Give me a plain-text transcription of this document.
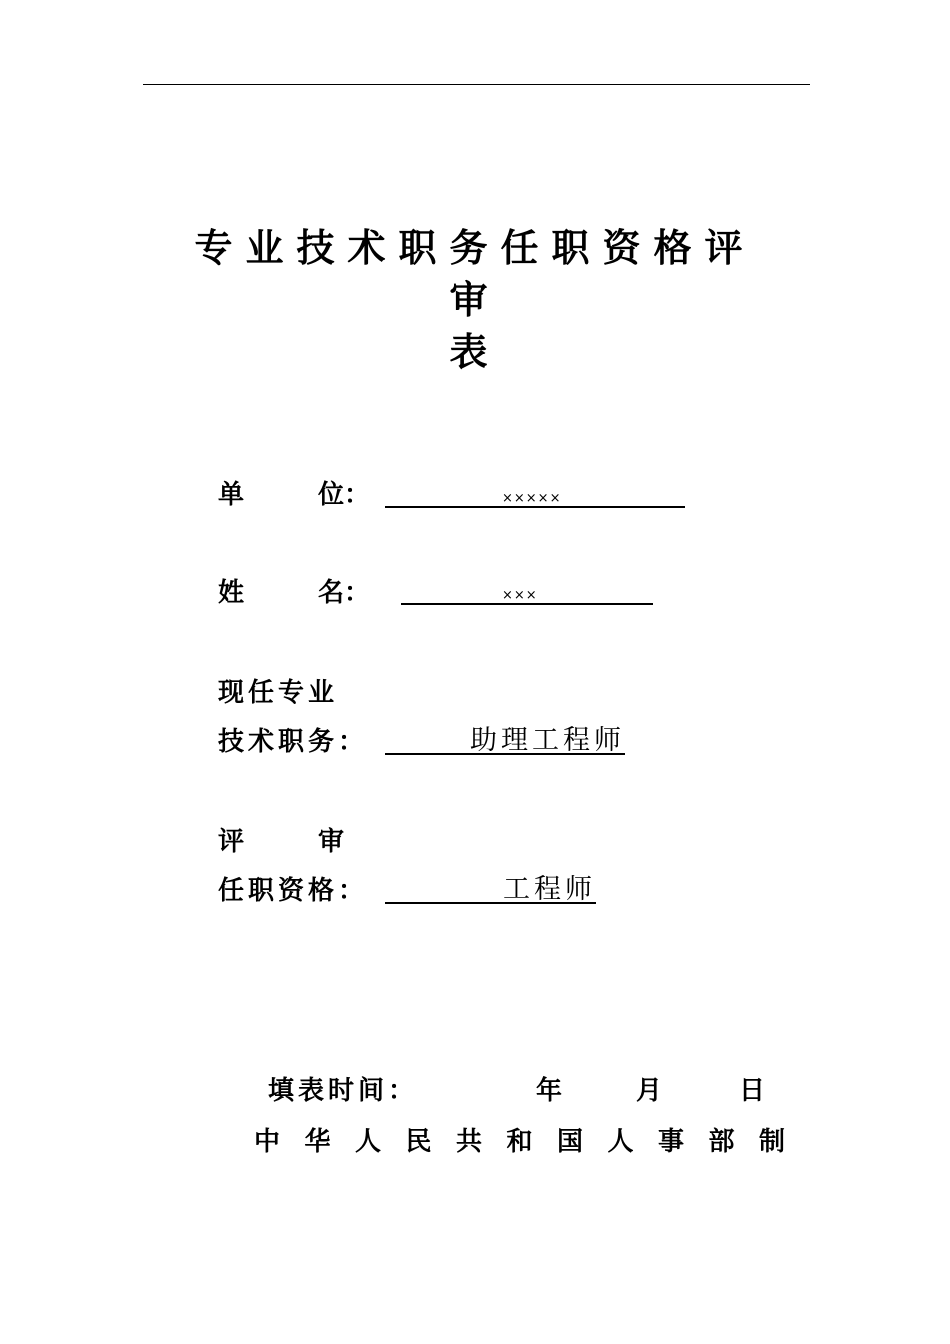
专业技术职务任职资格评审
表
单	位：	×××××
姓	名：	×××
现任专业
技术职务：	助理工程师
评	审
任职资格：	工程师
填表时间：	年	月	日
中 华 人 民 共 和 国 人 事 部 制
